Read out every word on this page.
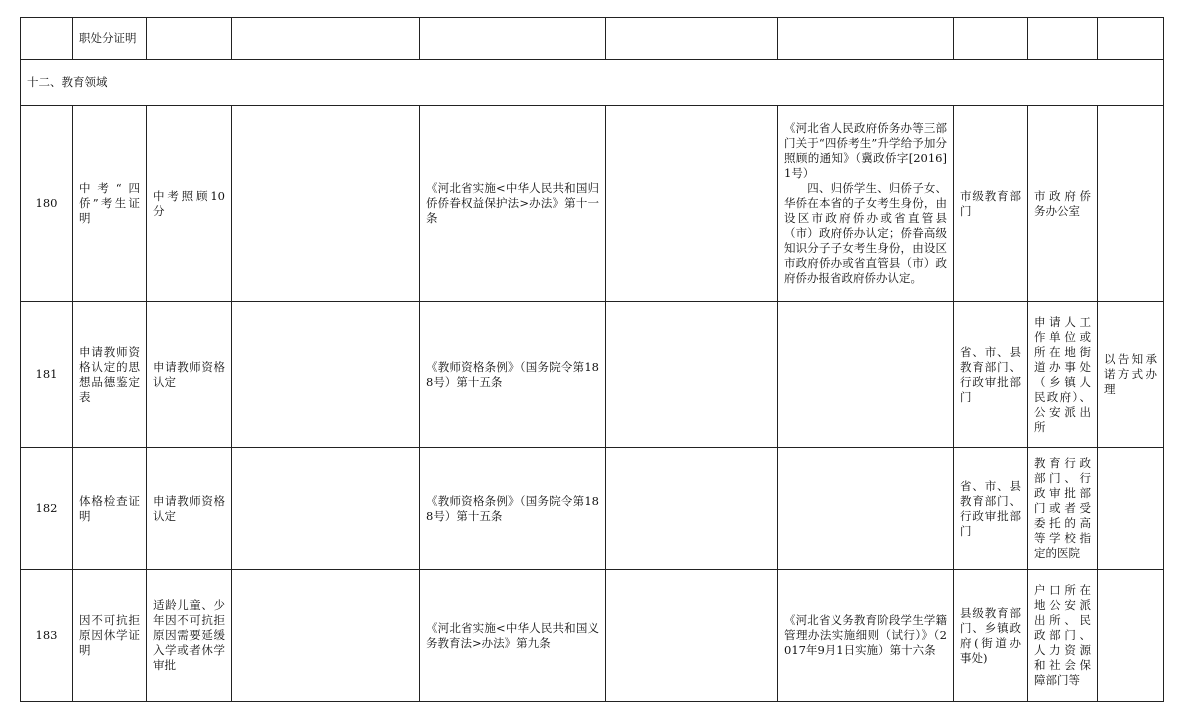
	职处分证明								
十二、教育领域									
180	中考“四侨”考生证明	中考照顾10分		《河北省实施<中华人民共和国归侨侨眷权益保护法>办法》第十一条		《河北省人民政府侨务办等三部门关于“四侨考生”升学给予加分照顾的通知》（冀政侨字[2016]1号）
　　四、归侨学生、归侨子女、华侨在本省的子女考生身份，由设区市政府侨办或省直管县（市）政府侨办认定；侨眷高级知识分子子女考生身份，由设区市政府侨办或省直管县（市）政府侨办报省政府侨办认定。	市级教育部门	市政府侨务办公室	
181	申请教师资格认定的思想品德鉴定表	申请教师资格认定		《教师资格条例》（国务院令第188号）第十五条			省、市、县教育部门、行政审批部门	申请人工作单位或所在地街道办事处（乡镇人民政府）、公安派出所	以告知承诺方式办理
182	体格检查证明	申请教师资格认定		《教师资格条例》（国务院令第188号）第十五条			省、市、县教育部门、行政审批部门	教育行政部门、行政审批部门或者受委托的高等学校指定的医院	
183	因不可抗拒原因休学证明	适龄儿童、少年因不可抗拒原因需要延缓入学或者休学审批		《河北省实施<中华人民共和国义务教育法>办法》第九条		《河北省义务教育阶段学生学籍管理办法实施细则（试行）》（2017年9月1日实施）第十六条	县级教育部门、乡镇政府(街道办事处)	户口所在地公安派出所、民政部门、人力资源和社会保障部门等	
